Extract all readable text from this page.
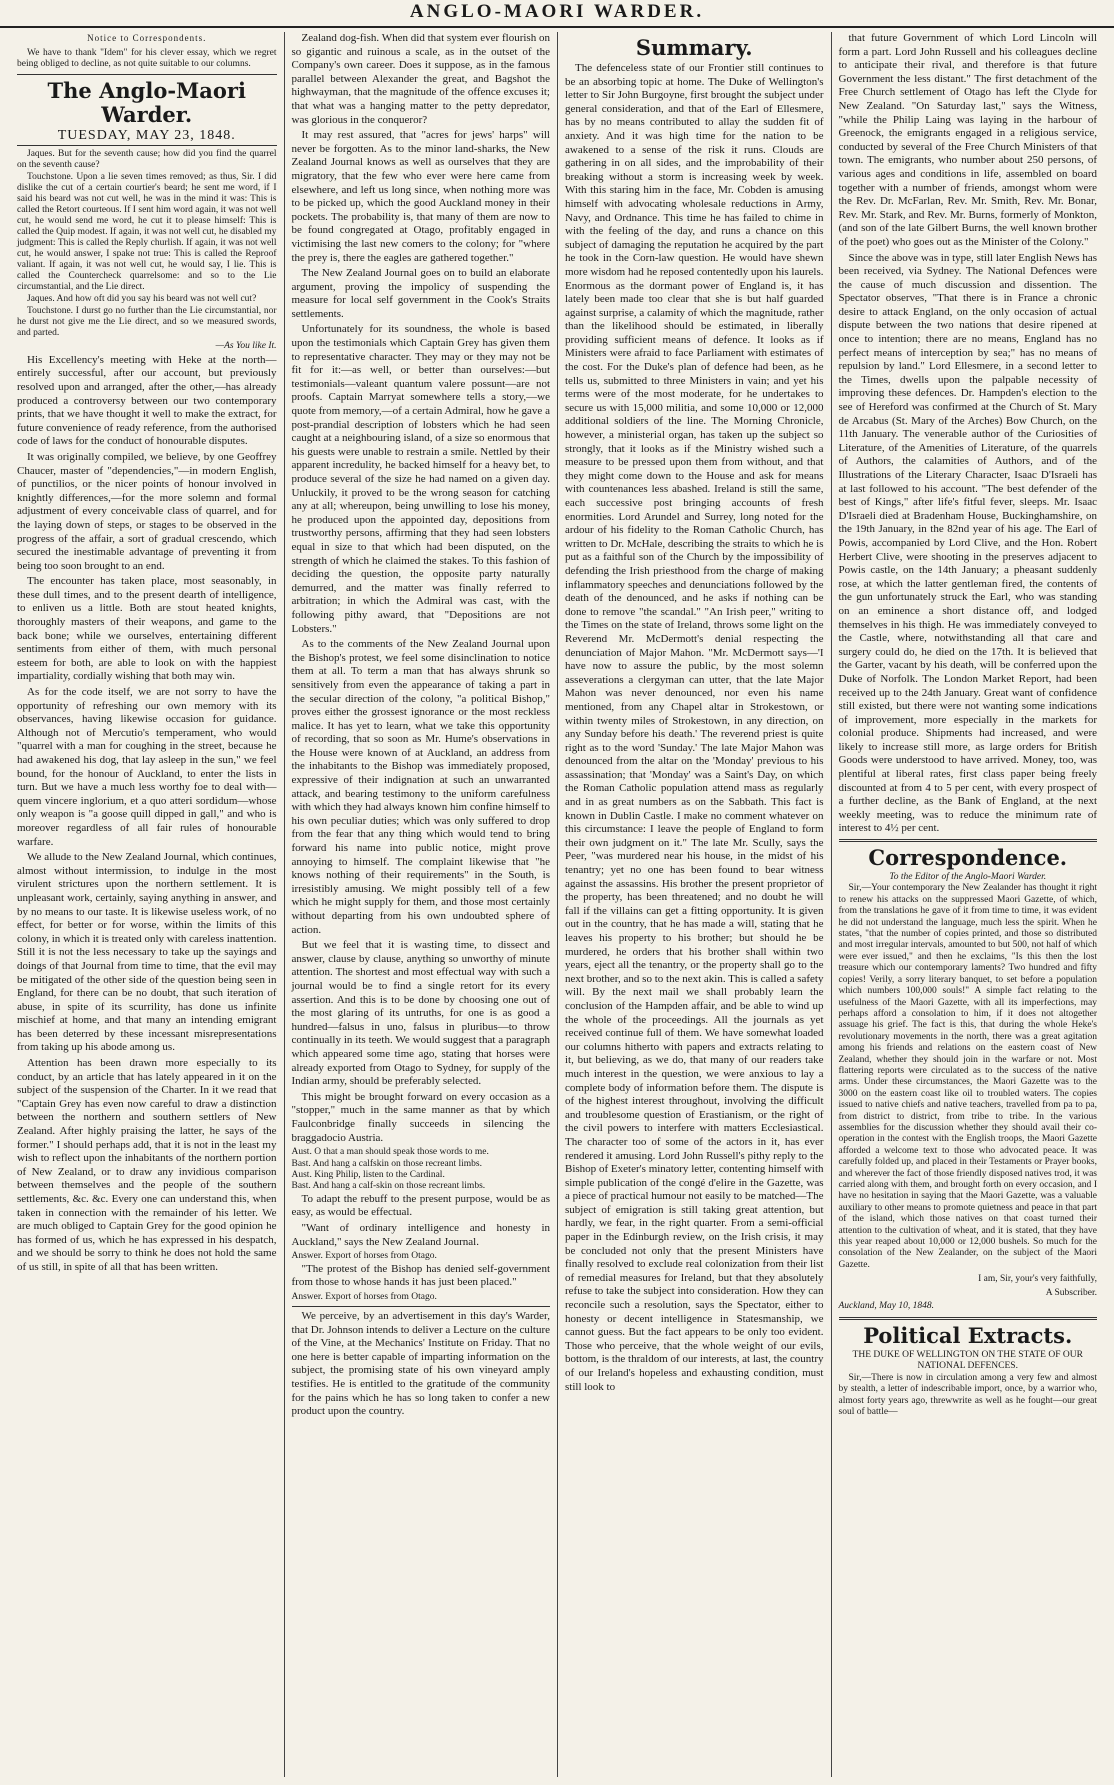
ANGLO-MAORI WARDER.
Notice to Correspondents.
We have to thank "Idem" for his clever essay, which we regret being obliged to decline, as not quite suitable to our columns.
The Anglo-Maori Warder.
TUESDAY, MAY 23, 1848.
Jaques. But for the seventh cause; how did you find the quarrel on the seventh cause?
Touchstone. Upon a lie seven times removed; as thus, Sir. I did dislike the cut of a certain courtier's beard; he sent me word, if I said his beard was not cut well, he was in the mind it was: This is called the Retort courteous. If I sent him word again, it was not well cut, he would send me word, he cut it to please himself: This is called the Quip modest. If again, it was not well cut, he disabled my judgment: This is called the Reply churlish. If again, it was not well cut, he would answer, I spake not true: This is called the Reproof valiant. If again, it was not well cut, he would say, I lie. This is called the Countercheck quarrelsome: and so to the Lie circumstantial, and the Lie direct.
Jaques. And how oft did you say his beard was not well cut?
Touchstone. I durst go no further than the Lie circumstantial, nor he durst not give me the Lie direct, and so we measured swords, and parted.
—As You like It.

His Excellency's meeting with Heke at the north—entirely successful, after our account, but previously resolved upon and arranged, after the other,—has already produced a controversy between our two contemporary prints, that we have thought it well to make the extract, for future convenience of ready reference, from the authorised code of laws for the conduct of honourable disputes.

It was originally compiled, we believe, by one Geoffrey Chaucer, master of "dependencies,"—in modern English, of punctilios, or the nicer points of honour involved in knightly differences,—for the more solemn and formal adjustment of every conceivable class of quarrel, and for the laying down of steps, or stages to be observed in the progress of the affair, a sort of gradual crescendo, which secured the inestimable advantage of preventing it from being too soon brought to an end.

The encounter has taken place, most seasonably, in these dull times, and to the present dearth of intelligence, to enliven us a little. Both are stout heated knights, thoroughly masters of their weapons, and game to the back bone; while we ourselves, entertaining different sentiments from either of them, with much personal esteem for both, are able to look on with the happiest impartiality, cordially wishing that both may win.

As for the code itself, we are not sorry to have the opportunity of refreshing our own memory with its observances, having likewise occasion for guidance. Although not of Mercutio's temperament, who would "quarrel with a man for coughing in the street, because he had awakened his dog, that lay asleep in the sun," we feel bound, for the honour of Auckland, to enter the lists in turn. But we have a much less worthy foe to deal with—quem vincere inglorium, et a quo atteri sordidum—whose only weapon is "a goose quill dipped in gall," and who is moreover regardless of all fair rules of honourable warfare.

We allude to the New Zealand Journal, which continues, almost without intermission, to indulge in the most virulent strictures upon the northern settlement. It is unpleasant work, certainly, saying anything in answer, and by no means to our taste. It is likewise useless work, of no effect, for better or for worse, within the limits of this colony, in which it is treated only with careless inattention. Still it is not the less necessary to take up the sayings and doings of that Journal from time to time, that the evil may be mitigated of the other side of the question being seen in England, for there can be no doubt, that such iteration of abuse, in spite of its scurrility, has done us infinite mischief at home, and that many an intending emigrant has been deterred by these incessant misrepresentations from taking up his abode among us.

Attention has been drawn more especially to its conduct, by an article that has lately appeared in it on the subject of the suspension of the Charter. In it we read that "Captain Grey has even now careful to draw a distinction between the northern and southern settlers of New Zealand. After highly praising the latter, he says of the former." I should perhaps add, that it is not in the least my wish to reflect upon the inhabitants of the northern portion of New Zealand, or to draw any invidious comparison between themselves and the people of the southern settlements, &c. &c. Every one can understand this, when taken in connection with the remainder of his letter. We are much obliged to Captain Grey for the good opinion he has formed of us, which he has expressed in his despatch, and we should be sorry to think he does not hold the same of us still, in spite of all that has been written.

Zealand dog-fish. When did that system ever flourish on so gigantic and ruinous a scale, as in the outset of the Company's own career. Does it suppose, as in the famous parallel between Alexander the great, and Bagshot the highwayman, that the magnitude of the offence excuses it; that what was a hanging matter to the petty depredator, was glorious in the conqueror?

It may rest assured, that "acres for jews' harps" will never be forgotten. As to the minor land-sharks, the New Zealand Journal knows as well as ourselves that they are migratory, that the few who ever were here came from elsewhere, and left us long since, when nothing more was to be picked up, which the good Auckland money in their pockets. The probability is, that many of them are now to be found congregated at Otago, profitably engaged in victimising the last new comers to the colony; for "where the prey is, there the eagles are gathered together."

The New Zealand Journal goes on to build an elaborate argument, proving the impolicy of suspending the measure for local self government in the Cook's Straits settlements.

Unfortunately for its soundness, the whole is based upon the testimonials which Captain Grey has given them to representative character. They may or they may not be fit for it:—as well, or better than ourselves:—but testimonials—valeant quantum valere possunt—are not proofs. Captain Marryat somewhere tells a story,—we quote from memory,—of a certain Admiral, how he gave a post-prandial description of lobsters which he had seen caught at a neighbouring island, of a size so enormous that his guests were unable to restrain a smile. Nettled by their apparent incredulity, he backed himself for a heavy bet, to produce several of the size he had named on a given day. Unluckily, it proved to be the wrong season for catching any at all; whereupon, being unwilling to lose his money, he produced upon the appointed day, depositions from trustworthy persons, affirming that they had seen lobsters equal in size to that which had been disputed, on the strength of which he claimed the stakes. To this fashion of deciding the question, the opposite party naturally demurred, and the matter was finally referred to arbitration; in which the Admiral was cast, with the following pithy award, that "Depositions are not Lobsters."

As to the comments of the New Zealand Journal upon the Bishop's protest, we feel some disinclination to notice them at all. To term a man that has always shrunk so sensitively from even the appearance of taking a part in the secular direction of the colony, "a political Bishop," proves either the grossest ignorance or the most reckless malice. It has yet to learn, what we take this opportunity of recording, that so soon as Mr. Hume's observations in the House were known of at Auckland, an address from the inhabitants to the Bishop was immediately proposed, expressive of their indignation at such an unwarranted attack, and bearing testimony to the uniform carefulness with which they had always known him confine himself to his own peculiar duties; which was only suffered to drop from the fear that any thing which would tend to bring forward his name into public notice, might prove annoying to himself. The complaint likewise that "he knows nothing of their requirements" in the South, is irresistibly amusing. We might possibly tell of a few which he might supply for them, and those most certainly without departing from his own undoubted sphere of action.

But we feel that it is wasting time, to dissect and answer, clause by clause, anything so unworthy of minute attention. The shortest and most effectual way with such a journal would be to find a single retort for its every assertion. And this is to be done by choosing one out of the most glaring of its untruths, for one is as good a hundred—falsus in uno, falsus in pluribus—to throw continually in its teeth. We would suggest that a paragraph which appeared some time ago, stating that horses were already exported from Otago to Sydney, for supply of the Indian army, should be preferably selected.

This might be brought forward on every occasion as a "stopper," much in the same manner as that by which Faulconbridge finally succeeds in silencing the braggadocio Austria.

Aust. O that a man should speak those words to me.
Bast. And hang a calfskin on those recreant limbs.
Aust. King Philip, listen to the Cardinal.
Bast. And hang a calf-skin on those recreant limbs.

To adapt the rebuff to the present purpose, would be as easy, as would be effectual.

"Want of ordinary intelligence and honesty in Auckland," says the New Zealand Journal.

Answer. Export of horses from Otago.

"The protest of the Bishop has denied self-government from those to whose hands it has just been placed."

Answer. Export of horses from Otago.

We perceive, by an advertisement in this day's Warder, that Dr. Johnson intends to deliver a Lecture on the culture of the Vine, at the Mechanics' Institute on Friday. That no one here is better capable of imparting information on the subject, the promising state of his own vineyard amply testifies. He is entitled to the gratitude of the community for the pains which he has so long taken to confer a new product upon the country.

Summary.

The defenceless state of our Frontier still continues to be an absorbing topic at home. The Duke of Wellington's letter to Sir John Burgoyne, first brought the subject under general consideration, and that of the Earl of Ellesmere, has by no means contributed to allay the sudden fit of anxiety. And it was high time for the nation to be awakened to a sense of the risk it runs. Clouds are gathering in on all sides, and the improbability of their breaking without a storm is increasing week by week. With this staring him in the face, Mr. Cobden is amusing himself with advocating wholesale reductions in Army, Navy, and Ordnance. This time he has failed to chime in with the feeling of the day, and runs a chance on this subject of damaging the reputation he acquired by the part he took in the Corn-law question. He would have shewn more wisdom had he reposed contentedly upon his laurels. Enormous as the dormant power of England is, it has lately been made too clear that she is but half guarded against surprise, a calamity of which the magnitude, rather than the likelihood should be estimated, in liberally providing sufficient means of defence. It looks as if Ministers were afraid to face Parliament with estimates of the cost. For the Duke's plan of defence had been, as he tells us, submitted to three Ministers in vain; and yet his terms were of the most moderate, for he undertakes to secure us with 15,000 militia, and some 10,000 or 12,000 additional soldiers of the line. The Morning Chronicle, however, a ministerial organ, has taken up the subject so strongly, that it looks as if the Ministry wished such a measure to be pressed upon them from without, and that they might come down to the House and ask for means with countenances less abashed. Ireland is still the same, each successive post bringing accounts of fresh enormities. Lord Arundel and Surrey, long noted for the ardour of his fidelity to the Roman Catholic Church, has written to Dr. McHale, describing the straits to which he is put as a faithful son of the Church by the impossibility of defending the Irish priesthood from the charge of making inflammatory speeches and denunciations followed by the death of the denounced, and he asks if nothing can be done to remove "the scandal." "An Irish peer," writing to the Times on the state of Ireland, throws some light on the Reverend Mr. McDermott's denial respecting the denunciation of Major Mahon. "Mr. McDermott says—'I have now to assure the public, by the most solemn asseverations a clergyman can utter, that the late Major Mahon was never denounced, nor even his name mentioned, from any Chapel altar in Strokestown, or within twenty miles of Strokestown, in any direction, on any Sunday before his death.' The reverend priest is quite right as to the word 'Sunday.' The late Major Mahon was denounced from the altar on the 'Monday' previous to his assassination; that 'Monday' was a Saint's Day, on which the Roman Catholic population attend mass as regularly and in as great numbers as on the Sabbath. This fact is known in Dublin Castle. I make no comment whatever on this circumstance: I leave the people of England to form their own judgment on it." The late Mr. Scully, says the Peer, "was murdered near his house, in the midst of his tenantry; yet no one has been found to bear witness against the assassins. His brother the present proprietor of the property, has been threatened; and no doubt he will fall if the villains can get a fitting opportunity. It is given out in the country, that he has made a will, stating that he leaves his property to his brother; but should he be murdered, he orders that his brother shall within two years, eject all the tenantry, or the property shall go to the next brother, and so to the next akin. This is called a safety will. By the next mail we shall probably learn the conclusion of the Hampden affair, and be able to wind up the whole of the proceedings. All the journals as yet received continue full of them. We have somewhat loaded our columns hitherto with papers and extracts relating to it, but believing, as we do, that many of our readers take much interest in the question, we were anxious to lay a complete body of information before them. The dispute is of the highest interest throughout, involving the difficult and troublesome question of Erastianism, or the right of the civil powers to interfere with matters Ecclesiastical. The character too of some of the actors in it, has ever rendered it amusing. Lord John Russell's pithy reply to the Bishop of Exeter's minatory letter, contenting himself with simple publication of the congé d'elire in the Gazette, was a piece of practical humour not easily to be matched—The subject of emigration is still taking great attention, but hardly, we fear, in the right quarter. From a semi-official paper in the Edinburgh review, on the Irish crisis, it may be concluded not only that the present Ministers have finally resolved to exclude real colonization from their list of remedial measures for Ireland, but that they absolutely refuse to take the subject into consideration. How they can reconcile such a resolution, says the Spectator, either to honesty or decent intelligence in Statesmanship, we cannot guess. But the fact appears to be only too evident. Those who perceive, that the whole weight of our evils, bottom, is the thraldom of our interests, at last, the country of our Ireland's hopeless and exhausting condition, must still look to

that future Government of which Lord Lincoln will form a part. Lord John Russell and his colleagues decline to anticipate their rival, and therefore is that future Government the less distant." The first detachment of the Free Church settlement of Otago has left the Clyde for New Zealand. "On Saturday last," says the Witness, "while the Philip Laing was laying in the harbour of Greenock, the emigrants engaged in a religious service, conducted by several of the Free Church Ministers of that town. The emigrants, who number about 250 persons, of various ages and conditions in life, assembled on board together with a number of friends, amongst whom were the Rev. Dr. McFarlan, Rev. Mr. Smith, Rev. Mr. Bonar, Rev. Mr. Stark, and Rev. Mr. Burns, formerly of Monkton, (and son of the late Gilbert Burns, the well known brother of the poet) who goes out as the Minister of the Colony."

Since the above was in type, still later English News has been received, via Sydney. The National Defences were the cause of much discussion and dissention. The Spectator observes, "That there is in France a chronic desire to attack England, on the only occasion of actual dispute between the two nations that desire ripened at once to intention; there are no means, England has no perfect means of interception by sea;" has no means of repulsion by land." Lord Ellesmere, in a second letter to the Times, dwells upon the palpable necessity of improving these defences. Dr. Hampden's election to the see of Hereford was confirmed at the Church of St. Mary de Arcabus (St. Mary of the Arches) Bow Church, on the 11th January. The venerable author of the Curiosities of Literature, of the Amenities of Literature, of the quarrels of Authors, the calamities of Authors, and of the Illustrations of the Literary Character, Isaac D'Israeli has at last followed to his account. "The best defender of the best of Kings," after life's fitful fever, sleeps. Mr. Isaac D'Israeli died at Bradenham House, Buckinghamshire, on the 19th January, in the 82nd year of his age. The Earl of Powis, accompanied by Lord Clive, and the Hon. Robert Herbert Clive, were shooting in the preserves adjacent to Powis castle, on the 14th January; a pheasant suddenly rose, at which the latter gentleman fired, the contents of the gun unfortunately struck the Earl, who was standing on an eminence a short distance off, and lodged themselves in his thigh. He was immediately conveyed to the Castle, where, notwithstanding all that care and surgery could do, he died on the 17th. It is believed that the Garter, vacant by his death, will be conferred upon the Duke of Norfolk. The London Market Report, had been received up to the 24th January. Great want of confidence still existed, but there were not wanting some indications of improvement, more especially in the markets for colonial produce. Shipments had increased, and were likely to increase still more, as large orders for British Goods were understood to have arrived. Money, too, was plentiful at liberal rates, first class paper being freely discounted at from 4 to 5 per cent, with every prospect of a further decline, as the Bank of England, at the next weekly meeting, was to reduce the minimum rate of interest to 4½ per cent.

Correspondence.
To the Editor of the Anglo-Maori Warder.

Sir,—Your contemporary the New Zealander has thought it right to renew his attacks on the suppressed Maori Gazette, of which, from the translations he gave of it from time to time, it was evident he did not understand the language, much less the spirit. When he states, "that the number of copies printed, and those so distributed and most irregular intervals, amounted to but 500, not half of which were ever issued," and then he exclaims, "Is this then the lost treasure which our contemporary laments? Two hundred and fifty copies! Verily, a sorry literary banquet, to set before a population which numbers 100,000 souls!" A simple fact relating to the usefulness of the Maori Gazette, with all its imperfections, may perhaps afford a consolation to him, if it does not altogether assuage his grief. The fact is this, that during the whole Heke's revolutionary movements in the north, there was a great agitation among his friends and relations on the eastern coast of New Zealand, whether they should join in the warfare or not. Most flattering reports were circulated as to the success of the native arms. Under these circumstances, the Maori Gazette was to the 3000 on the eastern coast like oil to troubled waters. The copies issued to native chiefs and native teachers, travelled from pa to pa, from district to district, from tribe to tribe. In the various assemblies for the discussion whether they should avail their co-operation in the contest with the English troops, the Maori Gazette afforded a welcome text to those who advocated peace. It was carefully folded up, and placed in their Testaments or Prayer books, and wherever the fact of those friendly disposed natives trod, it was carried along with them, and brought forth on every occasion, and I have no hesitation in saying that the Maori Gazette, was a valuable auxiliary to other means to promote quietness and peace in that part of the island, which those natives on that coast turned their attention to the cultivation of wheat, and it is stated, that they have this year reaped about 10,000 or 12,000 bushels. So much for the consolation of the New Zealander, on the subject of the Maori Gazette.

I am, Sir, your's very faithfully,
A Subscriber.
Auckland, May 10, 1848.
Political Extracts.
THE DUKE OF WELLINGTON ON THE STATE OF OUR NATIONAL DEFENCES.

Sir,—There is now in circulation among a very few and almost by stealth, a letter of indescribable import, once, by a warrior who, almost forty years ago, threwwrite as well as he fought—our great soul of battle—
